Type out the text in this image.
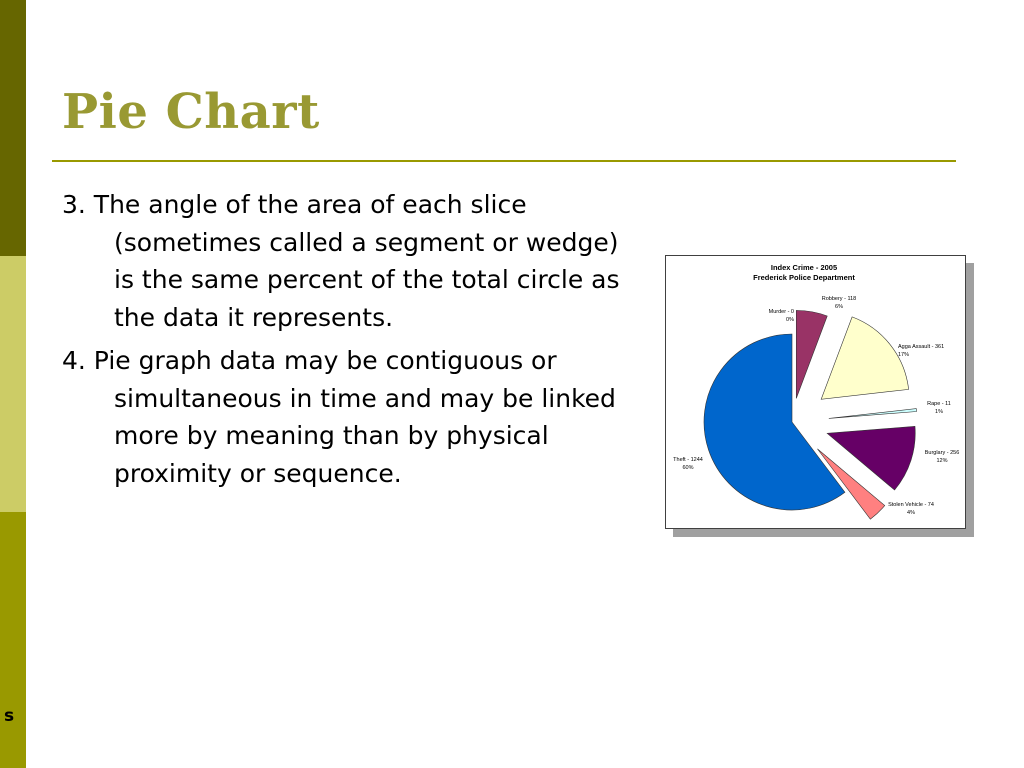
s
Pie Chart

3. The angle of the area of each slice (sometimes called a segment or wedge) is the same percent of the total circle as the data it represents.

4. Pie graph data may be contiguous or simultaneous in time and may be linked more by meaning than by physical proximity or sequence.

Index Crime - 2005
Frederick Police Department
Murder - 0
0%
Robbery - 118
6%
Agga Assault - 361
17%
Rape - 11
1%
Burglary - 256
12%
Stolen Vehicle - 74
4%
Theft - 1244
60%
